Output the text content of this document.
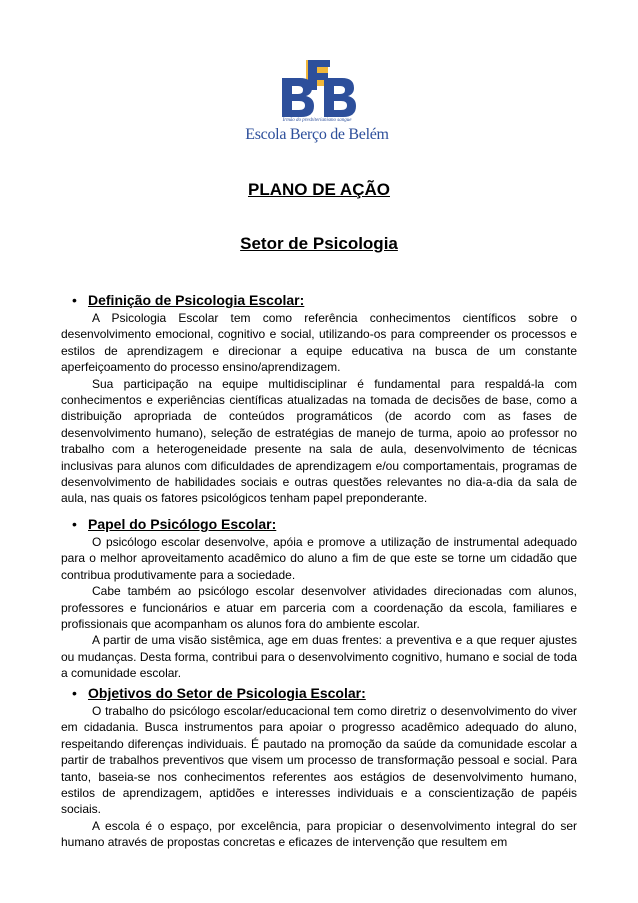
Irmão do presbiterianismo sangue
Escola Berço de Belém
PLANO DE AÇÃO
Setor de Psicologia
• Definição de Psicologia Escolar:

A Psicologia Escolar tem como referência conhecimentos científicos sobre o desenvolvimento emocional, cognitivo e social, utilizando-os para compreender os processos e estilos de aprendizagem e direcionar a equipe educativa na busca de um constante aperfeiçoamento do processo ensino/aprendizagem.

Sua participação na equipe multidisciplinar é fundamental para respaldá-la com conhecimentos e experiências científicas atualizadas na tomada de decisões de base, como a distribuição apropriada de conteúdos programáticos (de acordo com as fases de desenvolvimento humano), seleção de estratégias de manejo de turma, apoio ao professor no trabalho com a heterogeneidade presente na sala de aula, desenvolvimento de técnicas inclusivas para alunos com dificuldades de aprendizagem e/ou comportamentais, programas de desenvolvimento de habilidades sociais e outras questões relevantes no dia-a-dia da sala de aula, nas quais os fatores psicológicos tenham papel preponderante.

• Papel do Psicólogo Escolar:

O psicólogo escolar desenvolve, apóia e promove a utilização de instrumental adequado para o melhor aproveitamento acadêmico do aluno a fim de que este se torne um cidadão que contribua produtivamente para a sociedade.

Cabe também ao psicólogo escolar desenvolver atividades direcionadas com alunos, professores e funcionários e atuar em parceria com a coordenação da escola, familiares e profissionais que acompanham os alunos fora do ambiente escolar.

A partir de uma visão sistêmica, age em duas frentes: a preventiva e a que requer ajustes ou mudanças. Desta forma, contribui para o desenvolvimento cognitivo, humano e social de toda a comunidade escolar.

• Objetivos do Setor de Psicologia Escolar:

O trabalho do psicólogo escolar/educacional tem como diretriz o desenvolvimento do viver em cidadania. Busca instrumentos para apoiar o progresso acadêmico adequado do aluno, respeitando diferenças individuais. É pautado na promoção da saúde da comunidade escolar a partir de trabalhos preventivos que visem um processo de transformação pessoal e social. Para tanto, baseia-se nos conhecimentos referentes aos estágios de desenvolvimento humano, estilos de aprendizagem, aptidões e interesses individuais e a conscientização de papéis sociais.

A escola é o espaço, por excelência, para propiciar o desenvolvimento integral do ser humano através de propostas concretas e eficazes de intervenção que resultem em
